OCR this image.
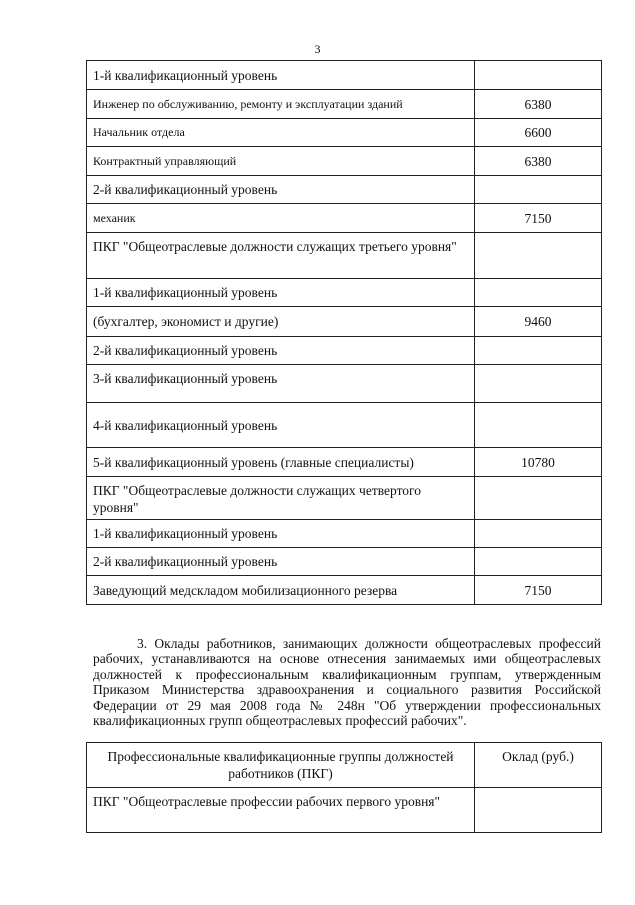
3
1-й квалификационный уровень	
Инженер по обслуживанию, ремонту и эксплуатации зданий	6380
Начальник отдела	6600
Контрактный управляющий	6380
2-й квалификационный уровень	
механик	7150
ПКГ "Общеотраслевые должности служащих третьего уровня"	
1-й квалификационный уровень	
(бухгалтер, экономист и другие)	9460
2-й квалификационный уровень	
3-й квалификационный уровень	
4-й квалификационный уровень	
5-й квалификационный уровень (главные специалисты)	10780
ПКГ "Общеотраслевые должности служащих четвертого уровня"	
1-й квалификационный уровень	
2-й квалификационный уровень	
Заведующий медскладом мобилизационного резерва	7150

3. Оклады работников, занимающих должности общеотраслевых профессий рабочих, устанавливаются на основе отнесения занимаемых ими общеотраслевых должностей к профессиональным квалификационным группам, утвержденным Приказом Министерства здравоохранения и социального развития Российской Федерации от 29 мая 2008 года № 248н "Об утверждении профессиональных квалификационных групп общеотраслевых профессий рабочих".

Профессиональные квалификационные группы должностей работников (ПКГ)	Оклад (руб.)
ПКГ "Общеотраслевые профессии рабочих первого уровня"	
